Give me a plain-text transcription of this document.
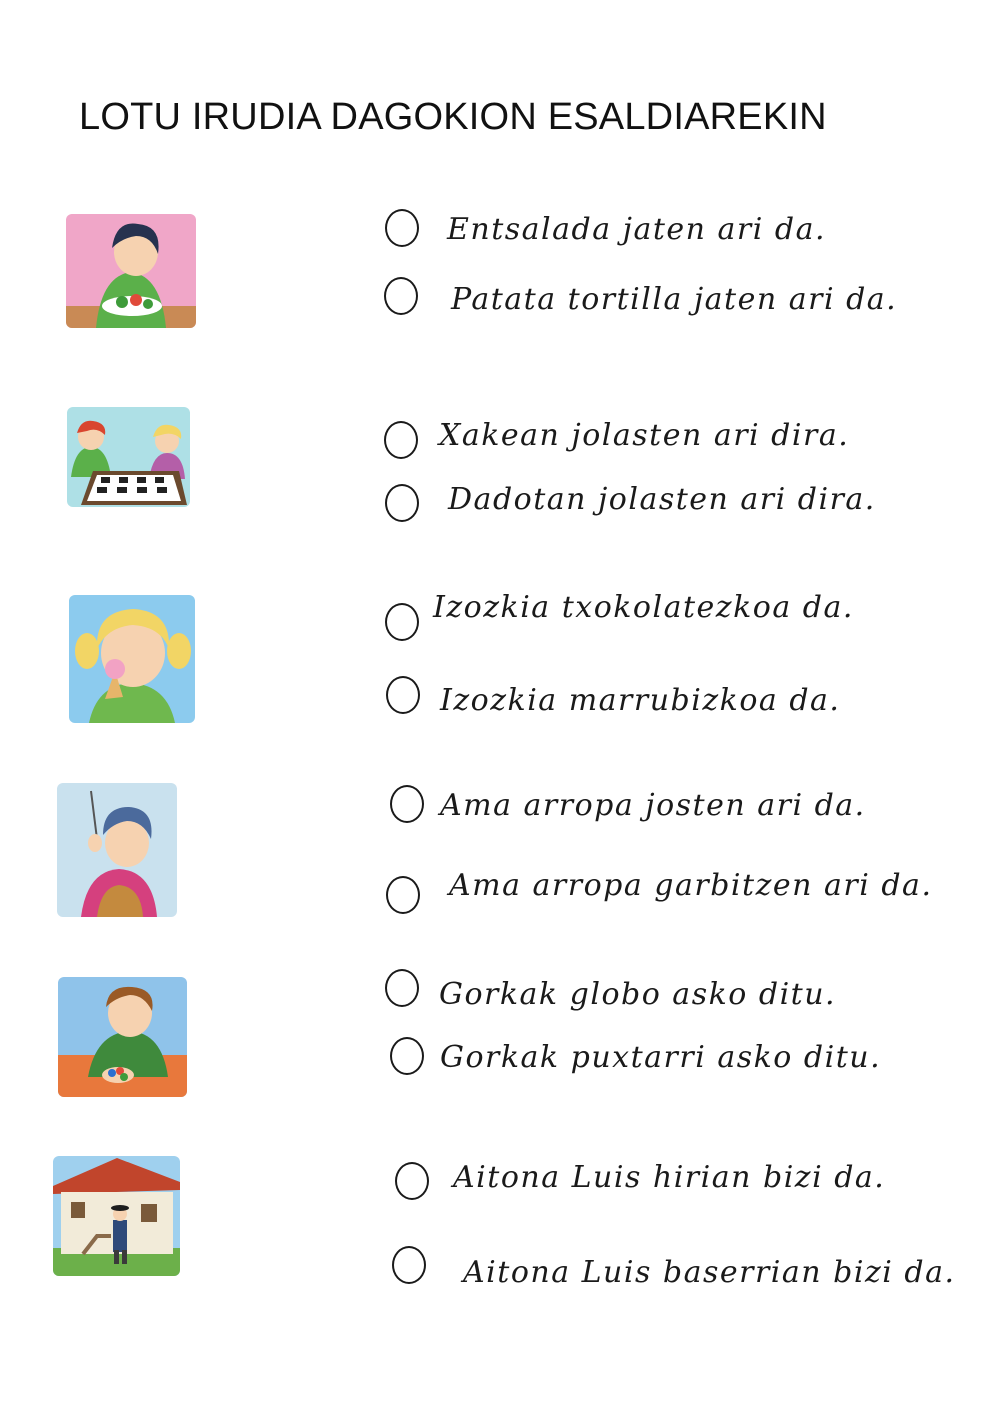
LOTU IRUDIA DAGOKION ESALDIAREKIN
Entsalada jaten ari da.
Patata tortilla jaten ari da.
Xakean jolasten ari dira.
Dadotan jolasten ari dira.
Izozkia txokolatezkoa da.
Izozkia marrubizkoa da.
Ama arropa josten ari da.
Ama arropa garbitzen ari da.
Gorkak globo asko ditu.
Gorkak puxtarri asko ditu.
Aitona Luis hirian bizi da.
Aitona Luis baserrian bizi da.
